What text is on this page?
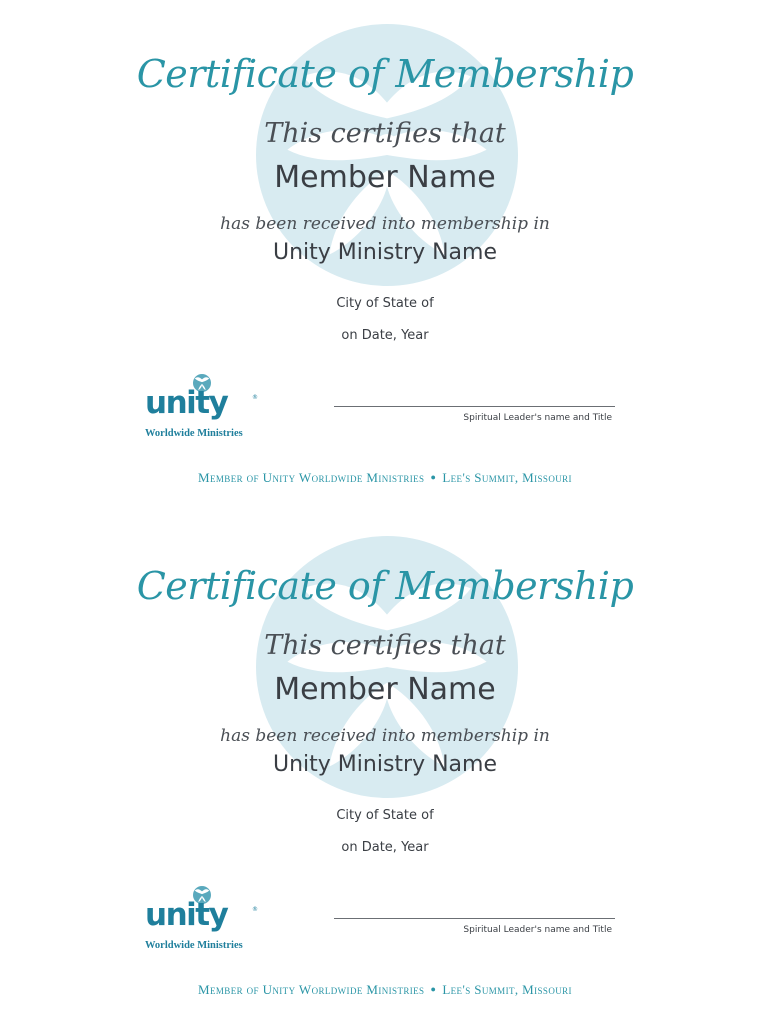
Certificate of Membership
This certifies that
Member Name
has been received into membership in
Unity Ministry Name
City of State of
on Date, Year
unity	®
Worldwide Ministries
Spiritual Leader's name and Title
Member of Unity Worldwide Ministries ● Lee's Summit, Missouri
Certificate of Membership
This certifies that
Member Name
has been received into membership in
Unity Ministry Name
City of State of
on Date, Year
unity	®
Worldwide Ministries
Spiritual Leader's name and Title
Member of Unity Worldwide Ministries ● Lee's Summit, Missouri
